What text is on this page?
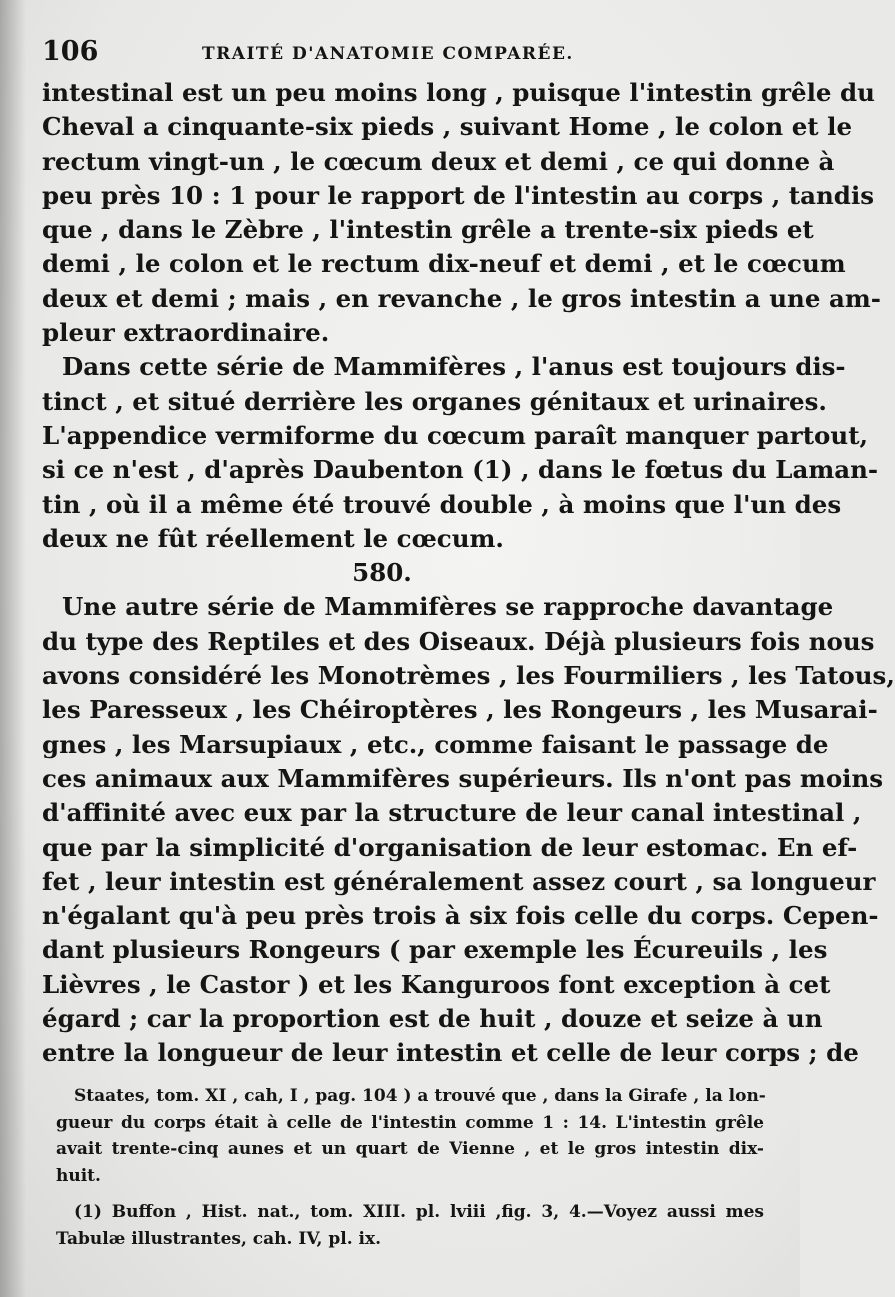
106	TRAITÉ D'ANATOMIE COMPARÉE.
intestinal est un peu moins long , puisque l'intestin grêle du
Cheval a cinquante-six pieds , suivant Home , le colon et le
rectum vingt-un , le cœcum deux et demi , ce qui donne à
peu près 10 : 1 pour le rapport de l'intestin au corps , tandis
que , dans le Zèbre , l'intestin grêle a trente-six pieds et
demi , le colon et le rectum dix-neuf et demi , et le cœcum
deux et demi ; mais , en revanche , le gros intestin a une am-
pleur extraordinaire.
Dans cette série de Mammifères , l'anus est toujours dis-
tinct , et situé derrière les organes génitaux et urinaires.
L'appendice vermiforme du cœcum paraît manquer partout,
si ce n'est , d'après Daubenton (1) , dans le fœtus du Laman-
tin , où il a même été trouvé double , à moins que l'un des
deux ne fût réellement le cœcum.
580.
Une autre série de Mammifères se rapproche davantage
du type des Reptiles et des Oiseaux. Déjà plusieurs fois nous
avons considéré les Monotrèmes , les Fourmiliers , les Tatous,
les Paresseux , les Chéiroptères , les Rongeurs , les Musarai-
gnes , les Marsupiaux , etc., comme faisant le passage de
ces animaux aux Mammifères supérieurs. Ils n'ont pas moins
d'affinité avec eux par la structure de leur canal intestinal ,
que par la simplicité d'organisation de leur estomac. En ef-
fet , leur intestin est généralement assez court , sa longueur
n'égalant qu'à peu près trois à six fois celle du corps. Cepen-
dant plusieurs Rongeurs ( par exemple les Écureuils , les
Lièvres , le Castor ) et les Kanguroos font exception à cet
égard ; car la proportion est de huit , douze et seize à un
entre la longueur de leur intestin et celle de leur corps ; de
Staates, tom. XI , cah, I , pag. 104 ) a trouvé que , dans la Girafe , la lon-
gueur du corps était à celle de l'intestin comme 1 : 14. L'intestin grêle
avait trente-cinq aunes et un quart de Vienne , et le gros intestin dix-
huit.
(1) Buffon , Hist. nat., tom. XIII. pl. lviii ,fig. 3, 4.—Voyez aussi mes
Tabulæ illustrantes, cah. IV, pl. ix.
